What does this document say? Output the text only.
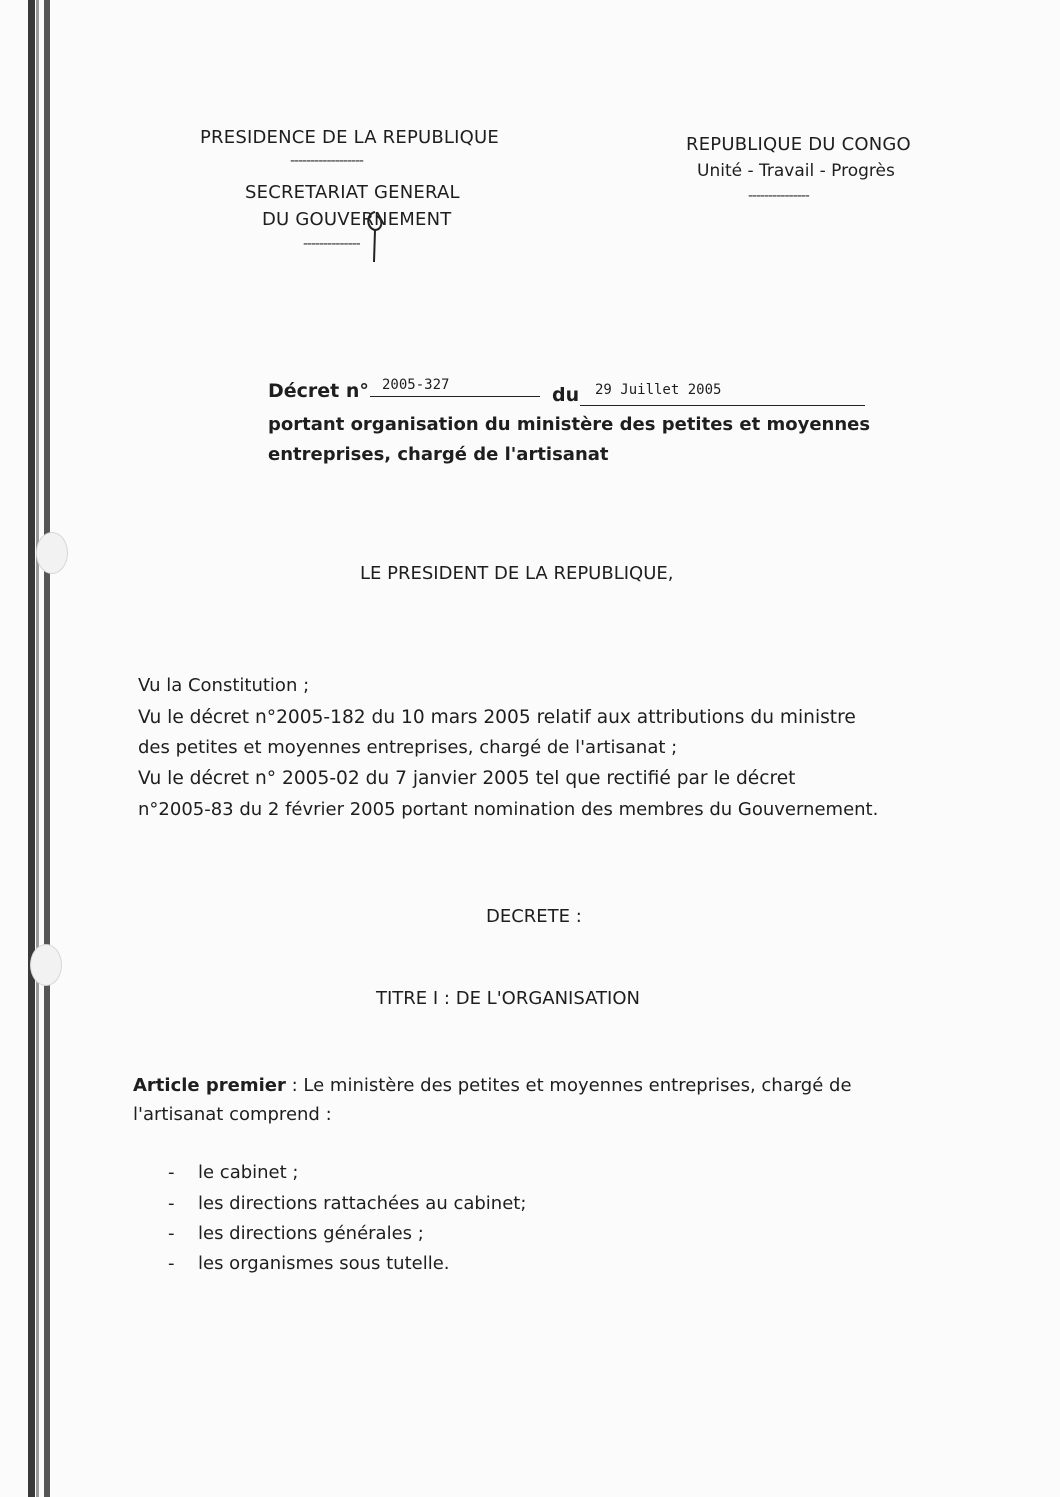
PRESIDENCE DE LA REPUBLIQUE
------------------
SECRETARIAT GENERAL
DU GOUVERNEMENT
--------------
REPUBLIQUE DU CONGO
Unité - Travail - Progrès
---------------
Décret n° 2005-327	du 29 Juillet 2005
portant organisation du ministère des petites et moyennes
entreprises, chargé de l'artisanat
LE PRESIDENT DE LA REPUBLIQUE,
Vu la Constitution ;
Vu le décret n°2005-182 du 10 mars 2005 relatif aux attributions du ministre
des petites et moyennes entreprises, chargé de l'artisanat ;
Vu le décret n° 2005-02 du 7 janvier 2005 tel que rectifié par le décret
n°2005-83 du 2 février 2005 portant nomination des membres du Gouvernement.
DECRETE :
TITRE I : DE L'ORGANISATION
Article premier : Le ministère des petites et moyennes entreprises, chargé de
l'artisanat comprend :
- le cabinet ;
- les directions rattachées au cabinet;
- les directions générales ;
- les organismes sous tutelle.
